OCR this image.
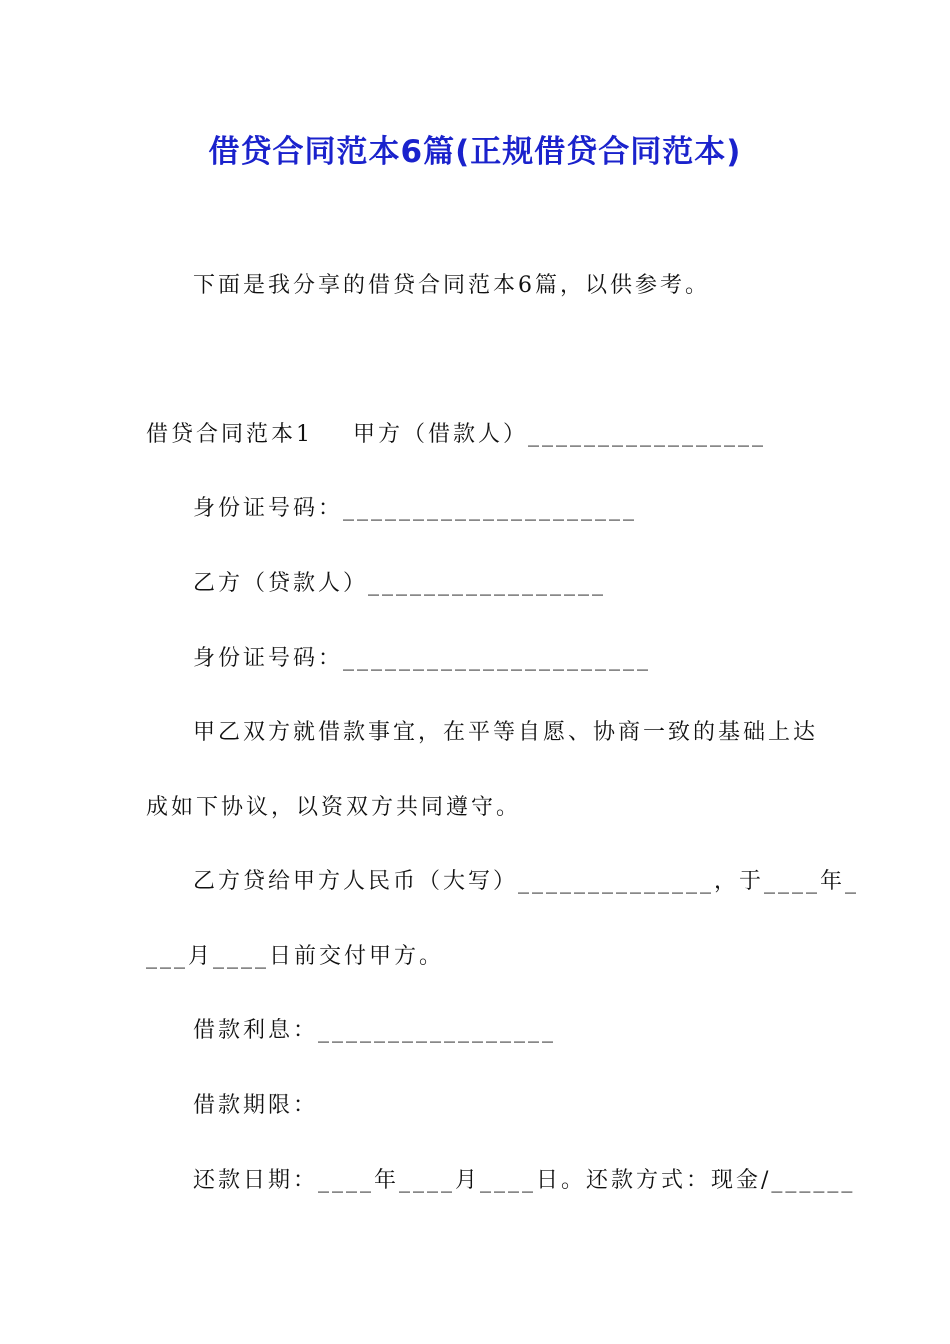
借贷合同范本6篇(正规借贷合同范本)
下面是我分享的借贷合同范本6篇，以供参考。
借贷合同范本1 甲方（借款人）_________________
身份证号码：_____________________
乙方（贷款人）_________________
身份证号码：______________________
甲乙双方就借款事宜，在平等自愿、协商一致的基础上达
成如下协议，以资双方共同遵守。
乙方贷给甲方人民币（大写）______________，于____年_
___月____日前交付甲方。
借款利息：_________________
借款期限：
还款日期：____年____月____日。还款方式：现金/______
